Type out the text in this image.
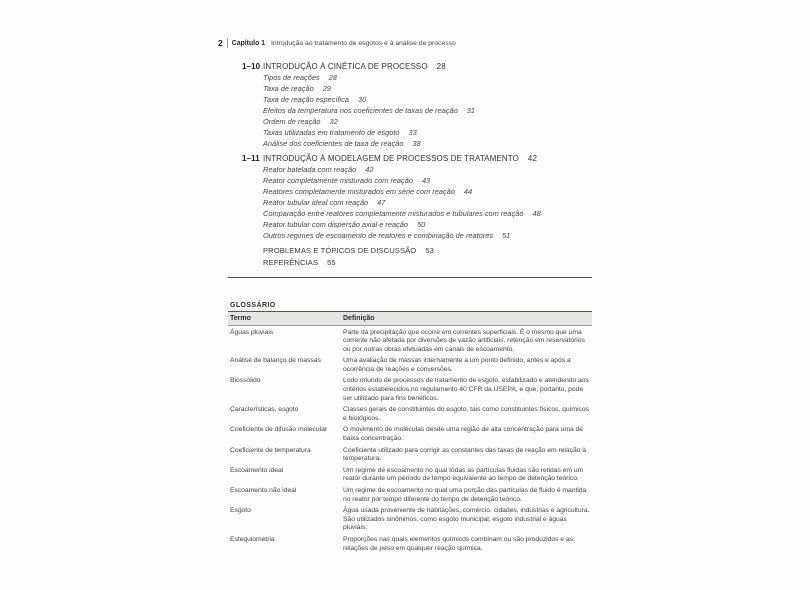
2 Capítulo 1 Introdução ao tratamento de esgotos e à análise de processo
1–10 INTRODUÇÃO À CINÉTICA DE PROCESSO 28
Tipos de reações 28
Taxa de reação 29
Taxa de reação específica 30
Efeitos da temperatura nos coeficientes de taxas de reação 31
Ordem de reação 32
Taxas utilizadas em tratamento de esgoto 33
Análise dos coeficientes de taxa de reação 38
1–11 INTRODUÇÃO À MODELAGEM DE PROCESSOS DE TRATAMENTO 42
Reator batelada com reação 42
Reator completamente misturado com reação 43
Reatores completamente misturados em série com reação 44
Reator tubular ideal com reação 47
Comparação entre reatores completamente misturados e tubulares com reação 48
Reator tubular com dispersão axial e reação 50
Outros regimes de escoamento de reatores e combinação de reatores 51
PROBLEMAS E TÓPICOS DE DISCUSSÃO 53
REFERÊNCIAS 55
GLOSSÁRIO
Termo	Definição
Águas pluviais	Parte da precipitação que ocorre em correntes superficiais. É o mesmo que uma corrente não afetada por diversões de vazão artificiais, retenção em reservatórios ou por outras obras efetuadas em canais de escoamento.
Análise de balanço de massas	Uma avaliação de massas internamente a um ponto definido, antes e após a ocorrência de reações e conversões.
Biossólido	Lodo oriundo de processos de tratamento de esgoto, estabilizado e atendendo aos critérios estabelecidos no regulamento 40 CFR da USEPA, e que, portanto, pode ser utilizado para fins benéficos.
Características, esgoto	Classes gerais de constituintes do esgoto, tais como constituintes físicos, químicos e biológicos.
Coeficiente de difusão molecular	O movimento de moléculas desde uma região de alta concentração para uma de baixa concentração.
Coeficiente de temperatura	Coeficiente utilizado para corrigir as constantes das taxas de reação em relação à temperatura.
Escoamento ideal	Um regime de escoamento no qual todas as partículas fluidas são retidas em um reator durante um período de tempo equivalente ao tempo de detenção teórico.
Escoamento não ideal	Um regime de escoamento no qual uma porção das partículas de fluido é mantida no reator por tempo diferente do tempo de detenção teórico.
Esgoto	Água usada proveniente de habitações, comércio, cidades, indústrias e agricultura. São utilizados sinônimos, como esgoto municipal, esgoto industrial e águas pluviais.
Estequiometria	Proporções nas quais elementos químicos combinam ou são produzidos e as relações de peso em qualquer reação química.
